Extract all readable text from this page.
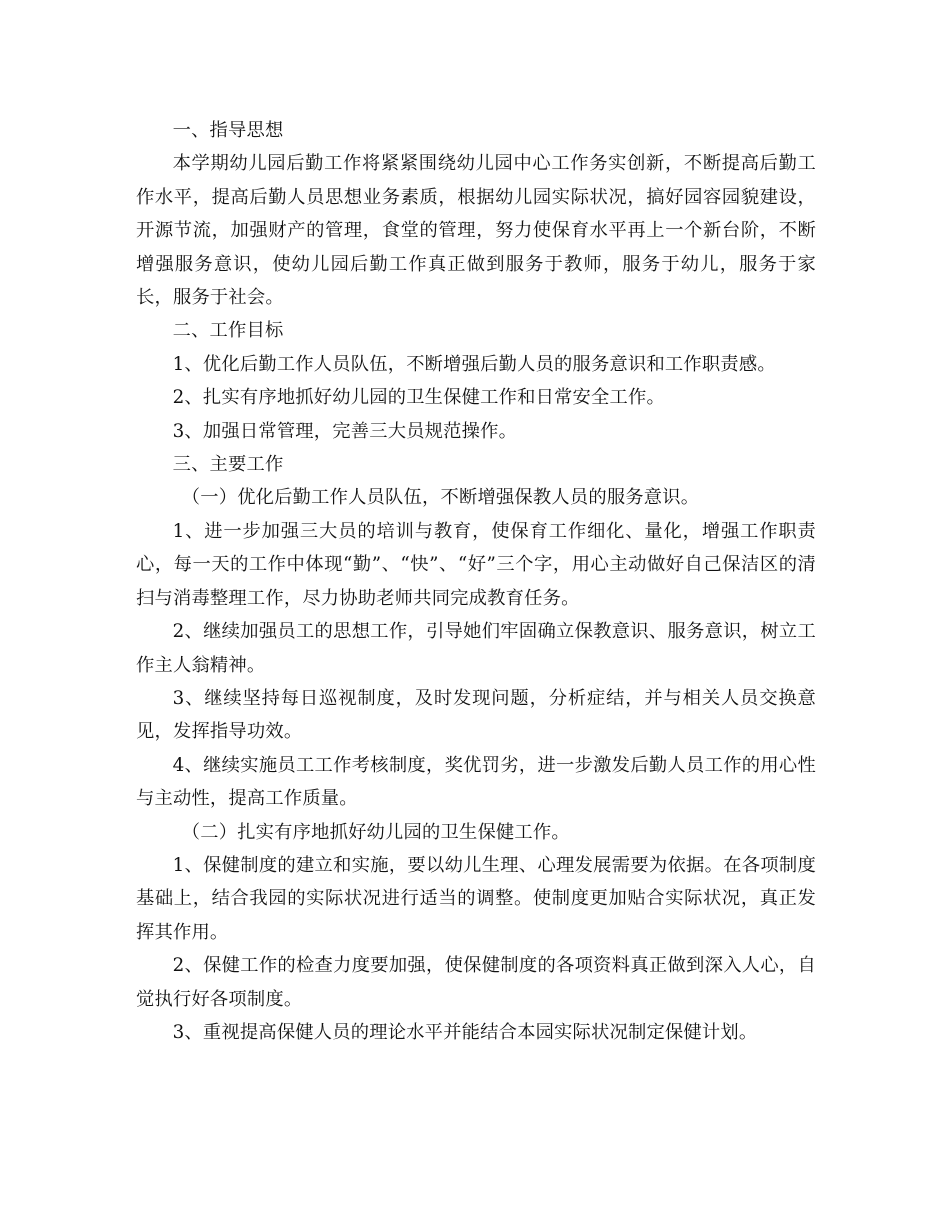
一、指导思想

本学期幼儿园后勤工作将紧紧围绕幼儿园中心工作务实创新，不断提高后勤工作水平，提高后勤人员思想业务素质，根据幼儿园实际状况，搞好园容园貌建设，开源节流，加强财产的管理，食堂的管理，努力使保育水平再上一个新台阶，不断增强服务意识，使幼儿园后勤工作真正做到服务于教师，服务于幼儿，服务于家长，服务于社会。

二、工作目标

1、优化后勤工作人员队伍，不断增强后勤人员的服务意识和工作职责感。

2、扎实有序地抓好幼儿园的卫生保健工作和日常安全工作。

3、加强日常管理，完善三大员规范操作。

三、主要工作

（一）优化后勤工作人员队伍，不断增强保教人员的服务意识。

1、进一步加强三大员的培训与教育，使保育工作细化、量化，增强工作职责心，每一天的工作中体现“勤”、“快”、“好”三个字，用心主动做好自己保洁区的清扫与消毒整理工作，尽力协助老师共同完成教育任务。

2、继续加强员工的思想工作，引导她们牢固确立保教意识、服务意识，树立工作主人翁精神。

3、继续坚持每日巡视制度，及时发现问题，分析症结，并与相关人员交换意见，发挥指导功效。

4、继续实施员工工作考核制度，奖优罚劣，进一步激发后勤人员工作的用心性与主动性，提高工作质量。

（二）扎实有序地抓好幼儿园的卫生保健工作。

1、保健制度的建立和实施，要以幼儿生理、心理发展需要为依据。在各项制度基础上，结合我园的实际状况进行适当的调整。使制度更加贴合实际状况，真正发挥其作用。

2、保健工作的检查力度要加强，使保健制度的各项资料真正做到深入人心，自觉执行好各项制度。

3、重视提高保健人员的理论水平并能结合本园实际状况制定保健计划。
